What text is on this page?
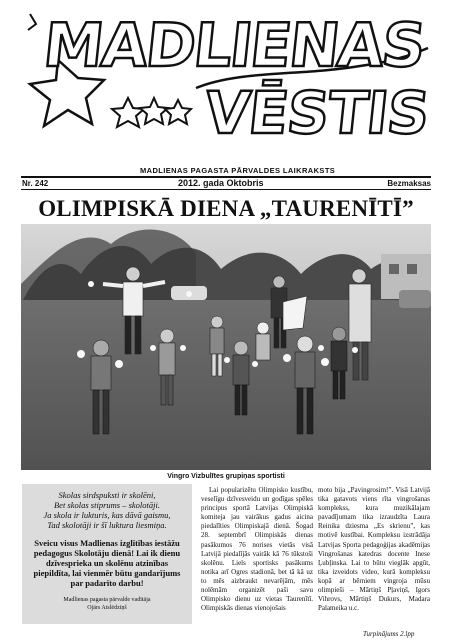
MADLIENAS
VĒSTIS
MADLIENAS PAGASTA PĀRVALDES LAIKRAKSTS
Nr. 242	2012. gada Oktobris	Bezmaksas
OLIMPISKĀ DIENA „TAURENĪTĪ”
Vingro Vizbulītes grupiņas sportisti
Skolas sirdspuksti ir skolēni,
Bet skolas stiprums – skolotāji.
Ja skola ir lukturis, kas dāvā gaismu,
Tad skolotāji ir šī luktura liesmiņa.
Sveicu visus Madlienas izglītības iestāžu pedagogus Skolotāju dienā! Lai ik dienu dzīvesprieka un skolēnu atzinības piepildīta, lai vienmēr būtu gandarījums par padarīto darbu!
Madlienas pagasta pārvalde vadītāja
Ojārs Atslēdziņš
Lai popularizētu Olimpisko kustību, veselīgu dzīvesveidu un godīgas spēles principus sportā Latvijas Olimpiskā komiteja jau vairākus gadus aicina piedalīties Olimpiskajā dienā. Šogad 28. septembrī Olimpiskās dienas pasākumos 76 norises vietās visā Latvijā piedalījās vairāk kā 76 tūkstoši skolēnu. Liels sportisks pasākums notika arī Ogres stadionā, bet tā kā uz to mēs aizbraukt nevarējām, mēs nolēmām organizēt paši savu Olimpisko dienu uz vietas Taurenītī. Olimpiskās dienas vienojošais
moto bija „Pavingrosim!”. Visā Latvijā tika gatavots viens rīta vingrošanas komplekss, kura muzikālajam pavadījumam tika izraudzīta Laura Reinika dziesma „Es skrienu”, kas motivē kustībai. Kompleksu izstrādāja Latvijas Sporta pedagoģijas akadēmijas Vingrošanas katedras docente Inese Ļubļinska. Lai to būtu vieglāk apgūt, tika izveidots video, kurā kompleksu kopā ar bērniem vingroja mūsu olimpieši – Mārtiņš Pļaviņš, Igors Vihrovs, Mārtiņš Dukurs, Madara Palameika u.c.
Turpinājums 2.lpp
